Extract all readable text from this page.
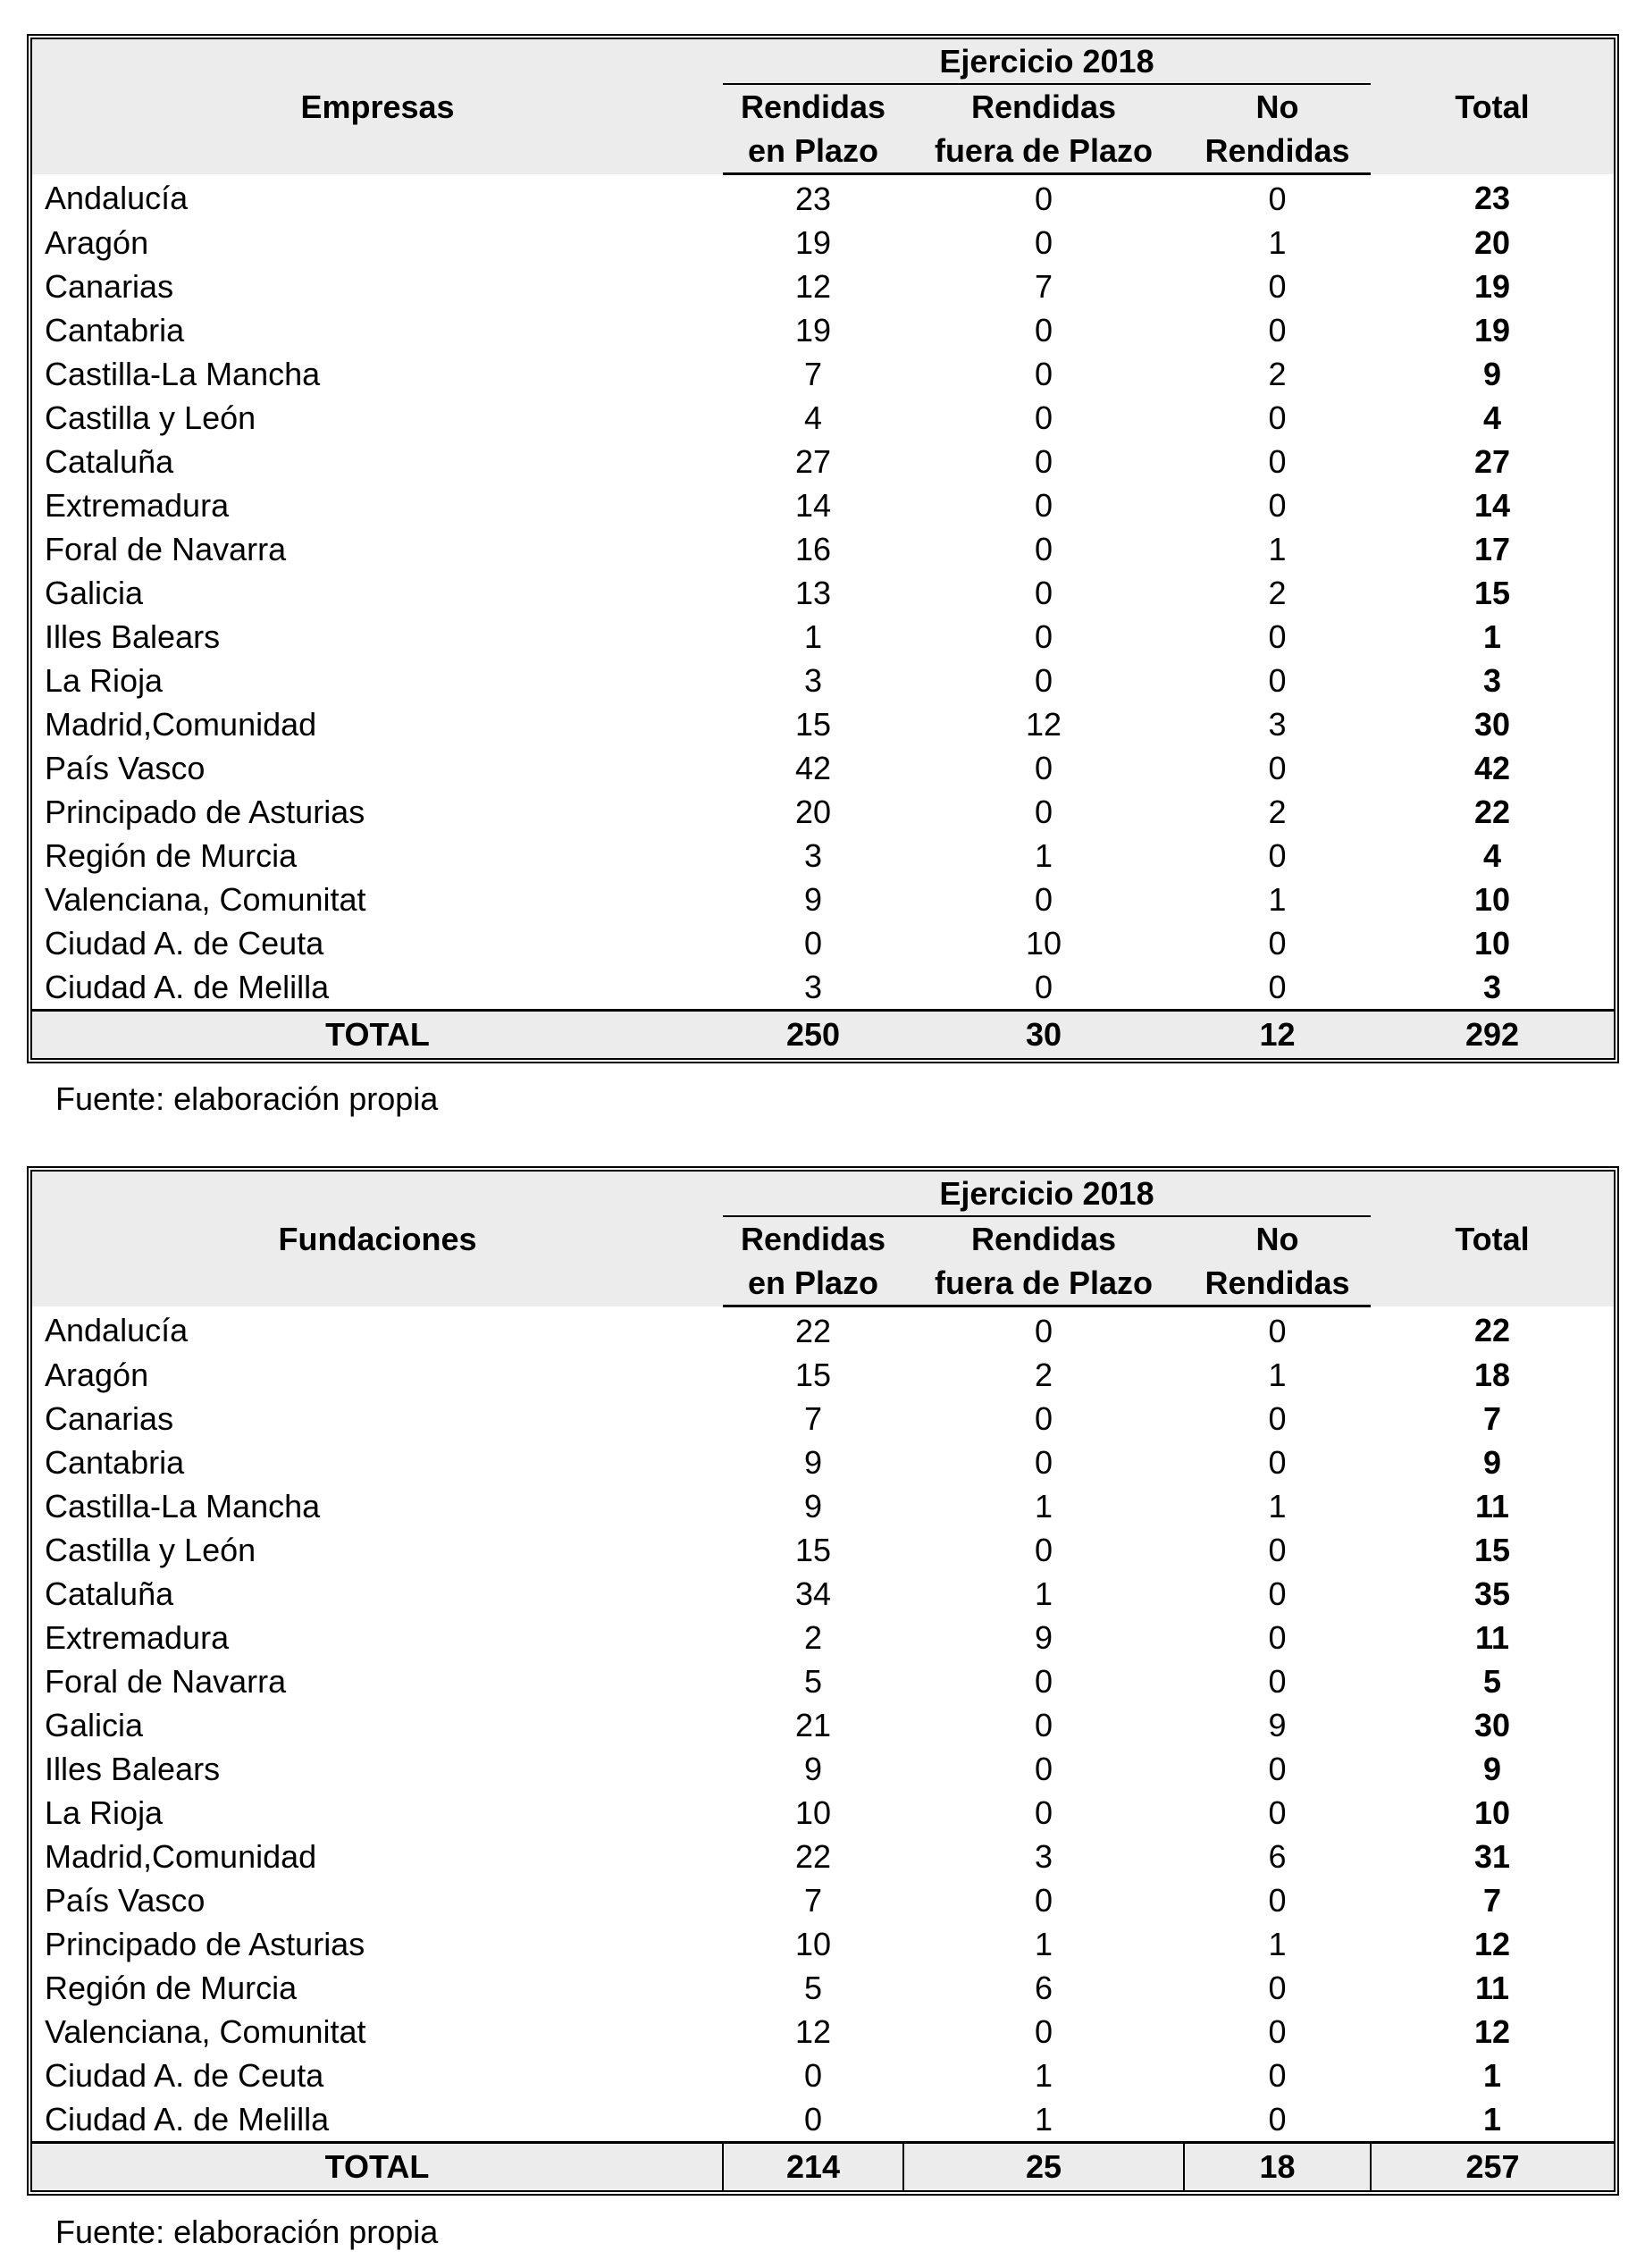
Empresas	Ejercicio 2018			Total
	Rendidas	Rendidas	No	
	en Plazo	fuera de Plazo	Rendidas	
Andalucía	23	0	0	23
Aragón	19	0	1	20
Canarias	12	7	0	19
Cantabria	19	0	0	19
Castilla-La Mancha	7	0	2	9
Castilla y León	4	0	0	4
Cataluña	27	0	0	27
Extremadura	14	0	0	14
Foral de Navarra	16	0	1	17
Galicia	13	0	2	15
Illes Balears	1	0	0	1
La Rioja	3	0	0	3
Madrid,Comunidad	15	12	3	30
País Vasco	42	0	0	42
Principado de Asturias	20	0	2	22
Región de Murcia	3	1	0	4
Valenciana, Comunitat	9	0	1	10
Ciudad A. de Ceuta	0	10	0	10
Ciudad A. de Melilla	3	0	0	3
TOTAL	250	30	12	292
Fuente: elaboración propia
Fundaciones	Ejercicio 2018			Total
	Rendidas	Rendidas	No	
	en Plazo	fuera de Plazo	Rendidas	
Andalucía	22	0	0	22
Aragón	15	2	1	18
Canarias	7	0	0	7
Cantabria	9	0	0	9
Castilla-La Mancha	9	1	1	11
Castilla y León	15	0	0	15
Cataluña	34	1	0	35
Extremadura	2	9	0	11
Foral de Navarra	5	0	0	5
Galicia	21	0	9	30
Illes Balears	9	0	0	9
La Rioja	10	0	0	10
Madrid,Comunidad	22	3	6	31
País Vasco	7	0	0	7
Principado de Asturias	10	1	1	12
Región de Murcia	5	6	0	11
Valenciana, Comunitat	12	0	0	12
Ciudad A. de Ceuta	0	1	0	1
Ciudad A. de Melilla	0	1	0	1
TOTAL	214	25	18	257
Fuente: elaboración propia
